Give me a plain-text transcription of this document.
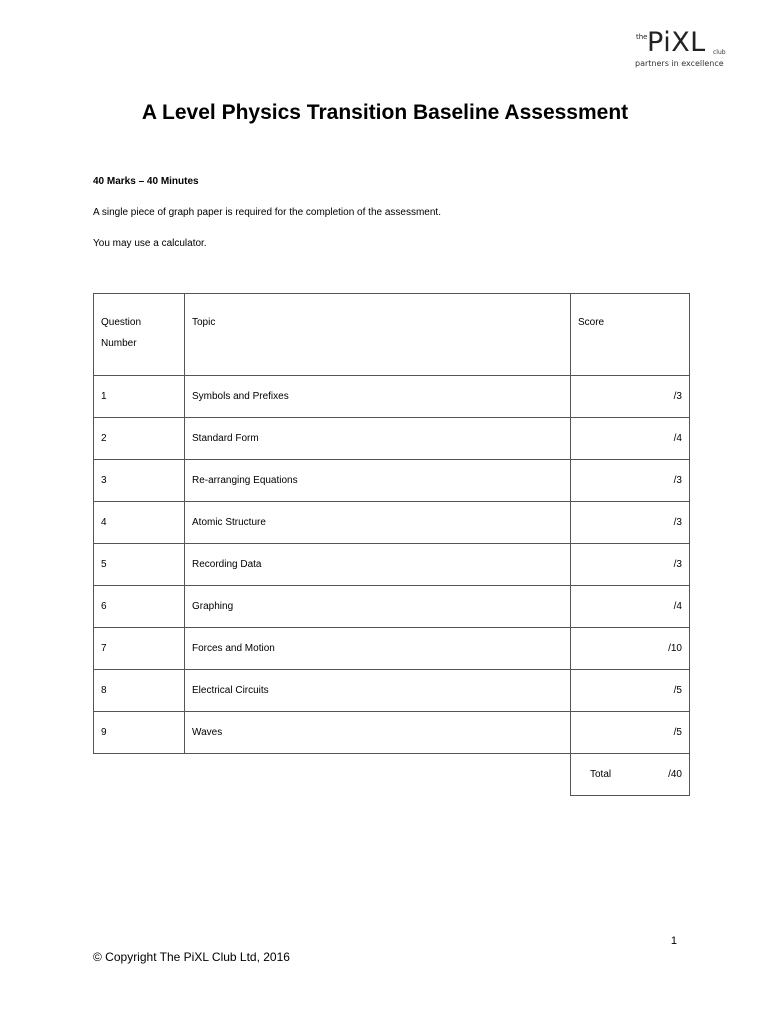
the PiXL club
partners in excellence
A Level Physics Transition Baseline Assessment
40 Marks – 40 Minutes
A single piece of graph paper is required for the completion of the assessment.
You may use a calculator.
Question
Number	Topic	Score
1	Symbols and Prefixes	/3
2	Standard Form	/4
3	Re-arranging Equations	/3
4	Atomic Structure	/3
5	Recording Data	/3
6	Graphing	/4
7	Forces and Motion	/10
8	Electrical Circuits	/5
9	Waves	/5
		Total /40
1
© Copyright The PiXL Club Ltd, 2016
